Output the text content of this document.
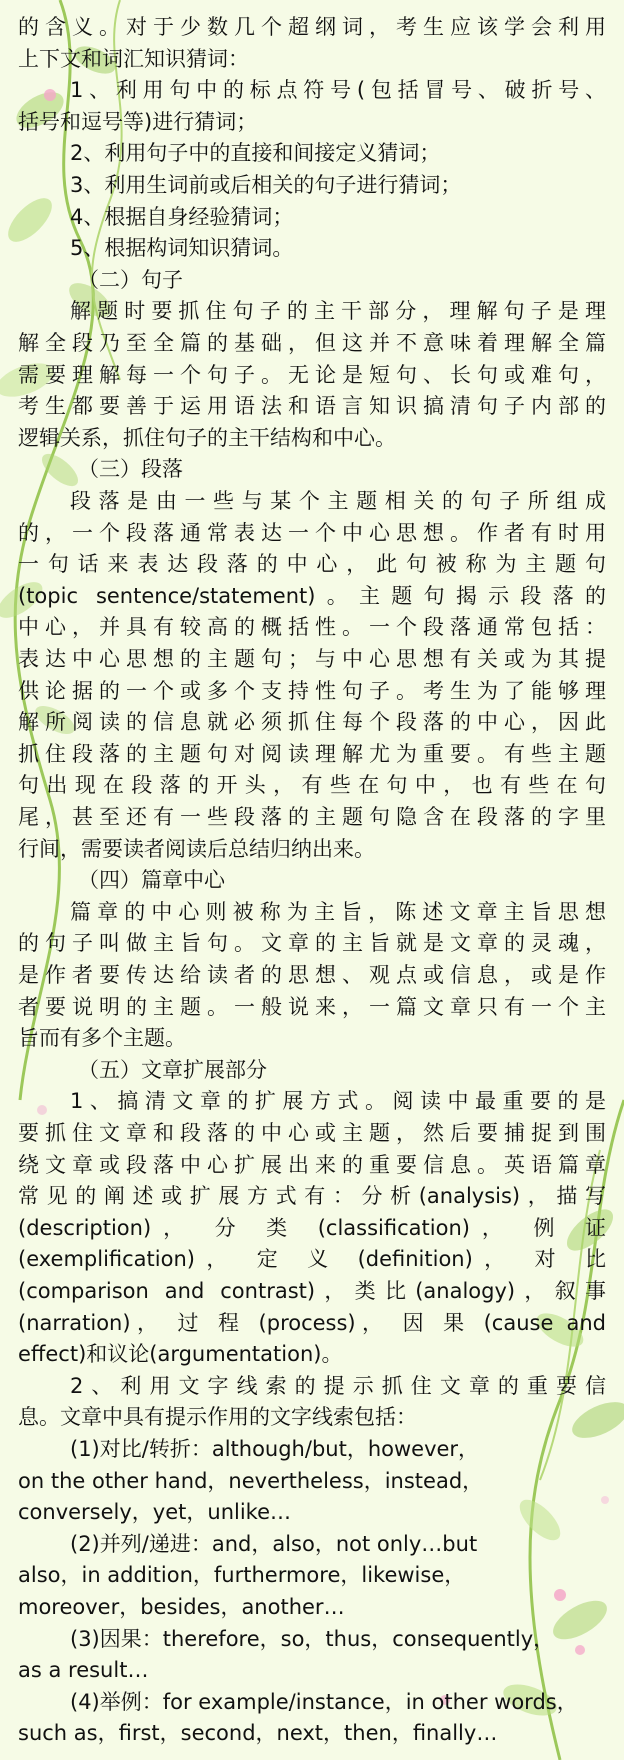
的含义。对于少数几个超纲词，考生应该学会利用
上下文和词汇知识猜词：
1、利用句中的标点符号(包括冒号、破折号、
括号和逗号等)进行猜词；
2、利用句子中的直接和间接定义猜词；
3、利用生词前或后相关的句子进行猜词；
4、根据自身经验猜词；
5、根据构词知识猜词。
（二）句子
解题时要抓住句子的主干部分，理解句子是理
解全段乃至全篇的基础，但这并不意味着理解全篇
需要理解每一个句子。无论是短句、长句或难句，
考生都要善于运用语法和语言知识搞清句子内部的
逻辑关系，抓住句子的主干结构和中心。
（三）段落
段落是由一些与某个主题相关的句子所组成
的，一个段落通常表达一个中心思想。作者有时用
一句话来表达段落的中心，此句被称为主题句
(topic sentence/statement)。主题句揭示段落的
中心，并具有较高的概括性。一个段落通常包括：
表达中心思想的主题句；与中心思想有关或为其提
供论据的一个或多个支持性句子。考生为了能够理
解所阅读的信息就必须抓住每个段落的中心，因此
抓住段落的主题句对阅读理解尤为重要。有些主题
句出现在段落的开头，有些在句中，也有些在句
尾，甚至还有一些段落的主题句隐含在段落的字里
行间，需要读者阅读后总结归纳出来。
（四）篇章中心
篇章的中心则被称为主旨，陈述文章主旨思想
的句子叫做主旨句。文章的主旨就是文章的灵魂，
是作者要传达给读者的思想、观点或信息，或是作
者要说明的主题。一般说来，一篇文章只有一个主
旨而有多个主题。
（五）文章扩展部分
1、搞清文章的扩展方式。阅读中最重要的是
要抓住文章和段落的中心或主题，然后要捕捉到围
绕文章或段落中心扩展出来的重要信息。英语篇章
常见的阐述或扩展方式有：分析(analysis)，描写
(description)， 分 类 (classification)， 例 证
(exemplification)， 定 义 (definition)， 对 比
(comparison and contrast)，类比(analogy)，叙事
(narration)， 过 程 (process)， 因 果 (cause and
effect)和议论(argumentation)。
2、利用文字线索的提示抓住文章的重要信
息。文章中具有提示作用的文字线索包括：
(1)对比/转折：although/but，however，
on the other hand，nevertheless，instead，
conversely，yet，unlike…
(2)并列/递进：and，also，not only…but
also，in addition，furthermore，likewise，
moreover，besides，another…
(3)因果：therefore，so，thus，consequently，
as a result…
(4)举例：for example/instance，in other words，
such as，first，second，next，then，finally…
